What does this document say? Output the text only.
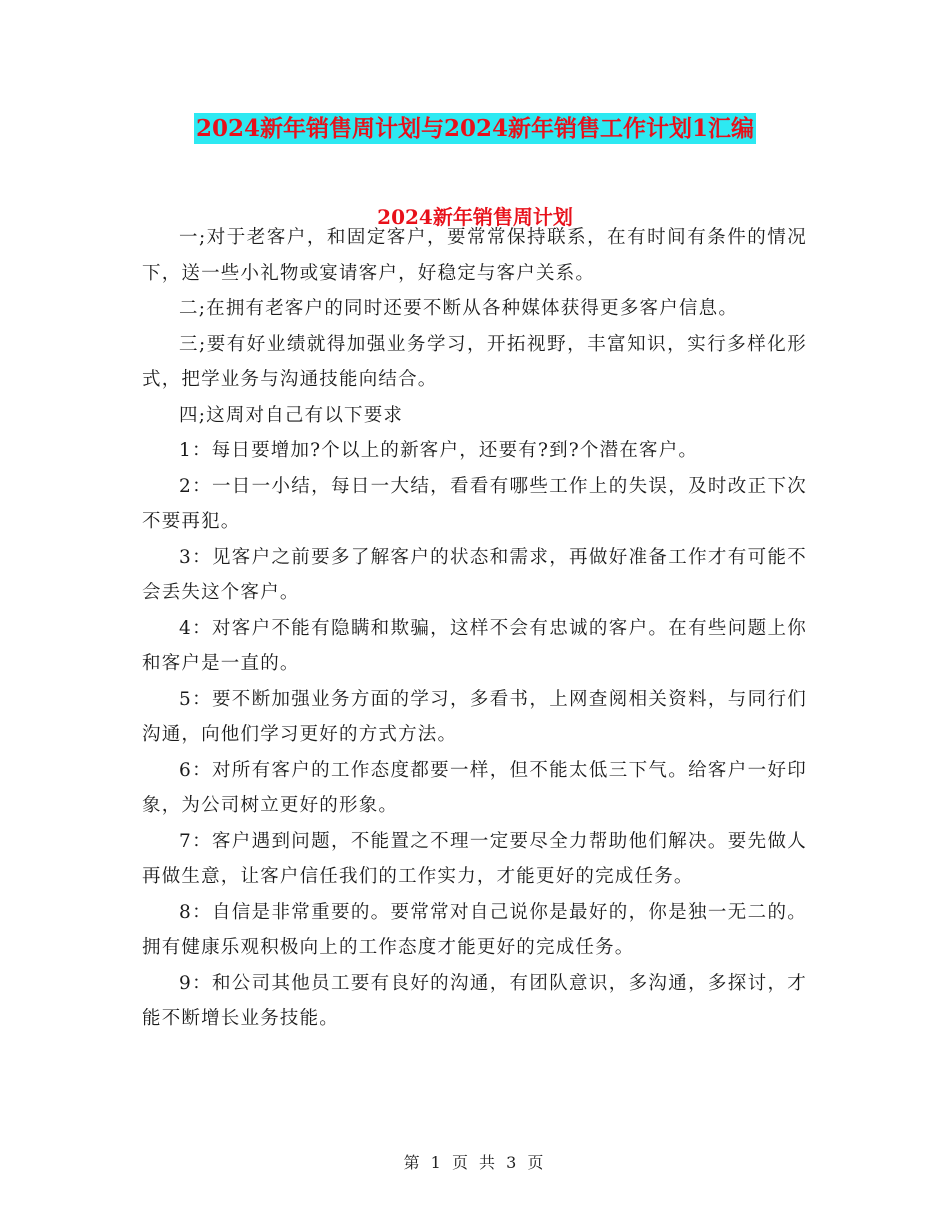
2024新年销售周计划与2024新年销售工作计划1汇编
2024新年销售周计划

一;对于老客户，和固定客户，要常常保持联系，在有时间有条件的情况下，送一些小礼物或宴请客户，好稳定与客户关系。

二;在拥有老客户的同时还要不断从各种媒体获得更多客户信息。

三;要有好业绩就得加强业务学习，开拓视野，丰富知识，实行多样化形式，把学业务与沟通技能向结合。

四;这周对自己有以下要求

1：每日要增加?个以上的新客户，还要有?到?个潜在客户。

2：一日一小结，每日一大结，看看有哪些工作上的失误，及时改正下次不要再犯。

3：见客户之前要多了解客户的状态和需求，再做好准备工作才有可能不会丢失这个客户。

4：对客户不能有隐瞒和欺骗，这样不会有忠诚的客户。在有些问题上你和客户是一直的。

5：要不断加强业务方面的学习，多看书，上网查阅相关资料，与同行们沟通，向他们学习更好的方式方法。

6：对所有客户的工作态度都要一样，但不能太低三下气。给客户一好印象，为公司树立更好的形象。

7：客户遇到问题，不能置之不理一定要尽全力帮助他们解决。要先做人再做生意，让客户信任我们的工作实力，才能更好的完成任务。

8：自信是非常重要的。要常常对自己说你是最好的，你是独一无二的。拥有健康乐观积极向上的工作态度才能更好的完成任务。

9：和公司其他员工要有良好的沟通，有团队意识，多沟通，多探讨，才能不断增长业务技能。

第 1 页 共 3 页
